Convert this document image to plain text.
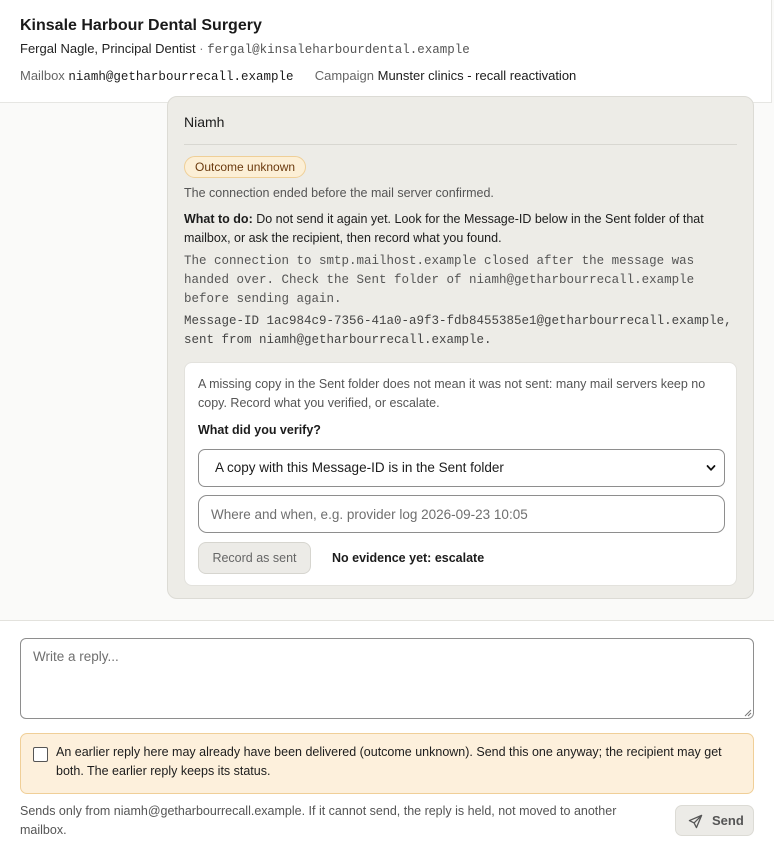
Kinsale Harbour Dental Surgery
Fergal Nagle, Principal Dentist · fergal@kinsaleharbourdental.example
Mailbox niamh@getharbourrecall.example Campaign Munster clinics - recall reactivation
Niamh
Outcome unknown
The connection ended before the mail server confirmed.
What to do: Do not send it again yet. Look for the Message-ID below in the Sent folder of that mailbox, or ask the recipient, then record what you found.
The connection to smtp.mailhost.example closed after the message was handed over. Check the Sent folder of niamh@getharbourrecall.example before sending again.
Message-ID 1ac984c9-7356-41a0-a9f3-fdb8455385e1@getharbourrecall.example, sent from niamh@getharbourrecall.example.
A missing copy in the Sent folder does not mean it was not sent: many mail servers keep no copy. Record what you verified, or escalate.
What did you verify?
A copy with this Message-ID is in the Sent folder
Where and when, e.g. provider log 2026-09-23 10:05
Record as sent	No evidence yet: escalate
Write a reply...
An earlier reply here may already have been delivered (outcome unknown). Send this one anyway; the recipient may get both. The earlier reply keeps its status.
Sends only from niamh@getharbourrecall.example. If it cannot send, the reply is held, not moved to another mailbox.
Send
